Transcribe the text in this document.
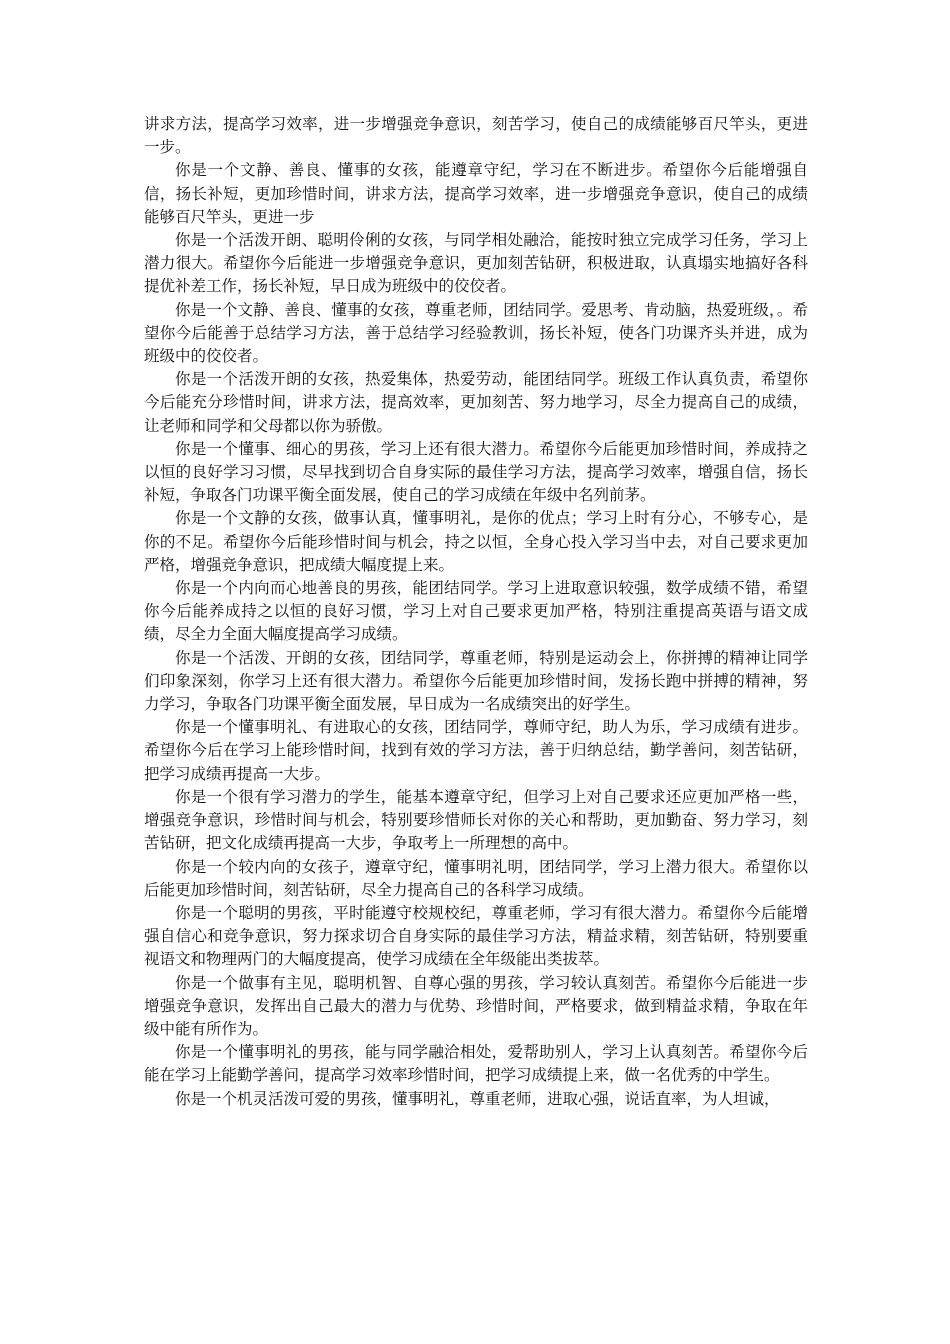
讲求方法，提高学习效率，进一步增强竞争意识，刻苦学习，使自己的成绩能够百尺竿头，更进一步。

你是一个文静、善良、懂事的女孩，能遵章守纪，学习在不断进步。希望你今后能增强自信，扬长补短，更加珍惜时间，讲求方法，提高学习效率，进一步增强竞争意识，使自己的成绩能够百尺竿头，更进一步

你是一个活泼开朗、聪明伶俐的女孩，与同学相处融洽，能按时独立完成学习任务，学习上潜力很大。希望你今后能进一步增强竞争意识，更加刻苦钻研，积极进取，认真塌实地搞好各科提优补差工作，扬长补短，早日成为班级中的佼佼者。

你是一个文静、善良、懂事的女孩，尊重老师，团结同学。爱思考、肯动脑，热爱班级，。希望你今后能善于总结学习方法，善于总结学习经验教训，扬长补短，使各门功课齐头并进，成为班级中的佼佼者。

你是一个活泼开朗的女孩，热爱集体，热爱劳动，能团结同学。班级工作认真负责，希望你今后能充分珍惜时间，讲求方法，提高效率，更加刻苦、努力地学习，尽全力提高自己的成绩，让老师和同学和父母都以你为骄傲。

你是一个懂事、细心的男孩，学习上还有很大潜力。希望你今后能更加珍惜时间，养成持之以恒的良好学习习惯，尽早找到切合自身实际的最佳学习方法，提高学习效率，增强自信，扬长补短，争取各门功课平衡全面发展，使自己的学习成绩在年级中名列前茅。

你是一个文静的女孩，做事认真，懂事明礼，是你的优点；学习上时有分心，不够专心，是你的不足。希望你今后能珍惜时间与机会，持之以恒，全身心投入学习当中去，对自己要求更加严格，增强竞争意识，把成绩大幅度提上来。

你是一个内向而心地善良的男孩，能团结同学。学习上进取意识较强，数学成绩不错，希望你今后能养成持之以恒的良好习惯，学习上对自己要求更加严格，特别注重提高英语与语文成绩，尽全力全面大幅度提高学习成绩。

你是一个活泼、开朗的女孩，团结同学，尊重老师，特别是运动会上，你拼搏的精神让同学们印象深刻，你学习上还有很大潜力。希望你今后能更加珍惜时间，发扬长跑中拼搏的精神，努力学习，争取各门功课平衡全面发展，早日成为一名成绩突出的好学生。

你是一个懂事明礼、有进取心的女孩，团结同学，尊师守纪，助人为乐，学习成绩有进步。希望你今后在学习上能珍惜时间，找到有效的学习方法，善于归纳总结，勤学善问，刻苦钻研，把学习成绩再提高一大步。

你是一个很有学习潜力的学生，能基本遵章守纪，但学习上对自己要求还应更加严格一些，增强竞争意识，珍惜时间与机会，特别要珍惜师长对你的关心和帮助，更加勤奋、努力学习，刻苦钻研，把文化成绩再提高一大步，争取考上一所理想的高中。

你是一个较内向的女孩子，遵章守纪，懂事明礼明，团结同学，学习上潜力很大。希望你以后能更加珍惜时间，刻苦钻研，尽全力提高自己的各科学习成绩。

你是一个聪明的男孩，平时能遵守校规校纪，尊重老师，学习有很大潜力。希望你今后能增强自信心和竞争意识，努力探求切合自身实际的最佳学习方法，精益求精，刻苦钻研，特别要重视语文和物理两门的大幅度提高，使学习成绩在全年级能出类拔萃。

你是一个做事有主见，聪明机智、自尊心强的男孩，学习较认真刻苦。希望你今后能进一步增强竞争意识，发挥出自己最大的潜力与优势、珍惜时间，严格要求，做到精益求精，争取在年级中能有所作为。

你是一个懂事明礼的男孩，能与同学融洽相处，爱帮助别人，学习上认真刻苦。希望你今后能在学习上能勤学善问，提高学习效率珍惜时间，把学习成绩提上来，做一名优秀的中学生。

你是一个机灵活泼可爱的男孩，懂事明礼，尊重老师，进取心强，说话直率，为人坦诚，
